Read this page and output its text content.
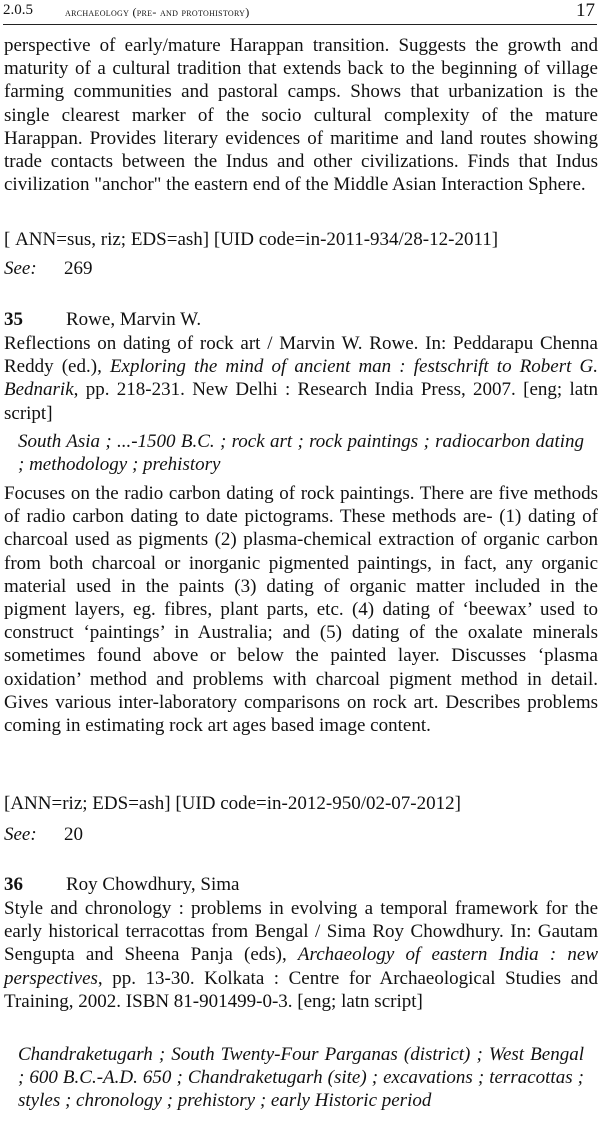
2.0.5	archaeology (pre- and protohistory)	17
perspective of early/mature Harappan transition. Suggests the growth and maturity of a cultural tradition that extends back to the beginning of village farming communities and pastoral camps. Shows that urbanization is the single clearest marker of the socio cultural complexity of the mature Harappan. Provides literary evidences of maritime and land routes showing trade contacts between the Indus and other civilizations. Finds that Indus civilization "anchor" the eastern end of the Middle Asian Interaction Sphere.
[ ANN=sus, riz; EDS=ash] [UID code=in-2011-934/28-12-2011]
See: 269
35 Rowe, Marvin W.
Reflections on dating of rock art / Marvin W. Rowe. In: Peddarapu Chenna Reddy (ed.), Exploring the mind of ancient man : festschrift to Robert G. Bednarik, pp. 218-231. New Delhi : Research India Press, 2007. [eng; latn script]
South Asia ; ...-1500 B.C. ; rock art ; rock paintings ; radiocarbon dating ; methodology ; prehistory
Focuses on the radio carbon dating of rock paintings. There are five methods of radio carbon dating to date pictograms. These methods are- (1) dating of charcoal used as pigments (2) plasma-chemical extraction of organic carbon from both charcoal or inorganic pigmented paintings, in fact, any organic material used in the paints (3) dating of organic matter included in the pigment layers, eg. fibres, plant parts, etc. (4) dating of ‘beewax’ used to construct ‘paintings’ in Australia; and (5) dating of the oxalate minerals sometimes found above or below the painted layer. Discusses ‘plasma oxidation’ method and problems with charcoal pigment method in detail. Gives various inter-laboratory comparisons on rock art. Describes problems coming in estimating rock art ages based image content.
[ANN=riz; EDS=ash] [UID code=in-2012-950/02-07-2012]
See: 20
36 Roy Chowdhury, Sima
Style and chronology : problems in evolving a temporal framework for the early historical terracottas from Bengal / Sima Roy Chowdhury. In: Gautam Sengupta and Sheena Panja (eds), Archaeology of eastern India : new perspectives, pp. 13-30. Kolkata : Centre for Archaeological Studies and Training, 2002. ISBN 81-901499-0-3. [eng; latn script]
Chandraketugarh ; South Twenty-Four Parganas (district) ; West Bengal ; 600 B.C.-A.D. 650 ; Chandraketugarh (site) ; excavations ; terracottas ; styles ; chronology ; prehistory ; early Historic period
